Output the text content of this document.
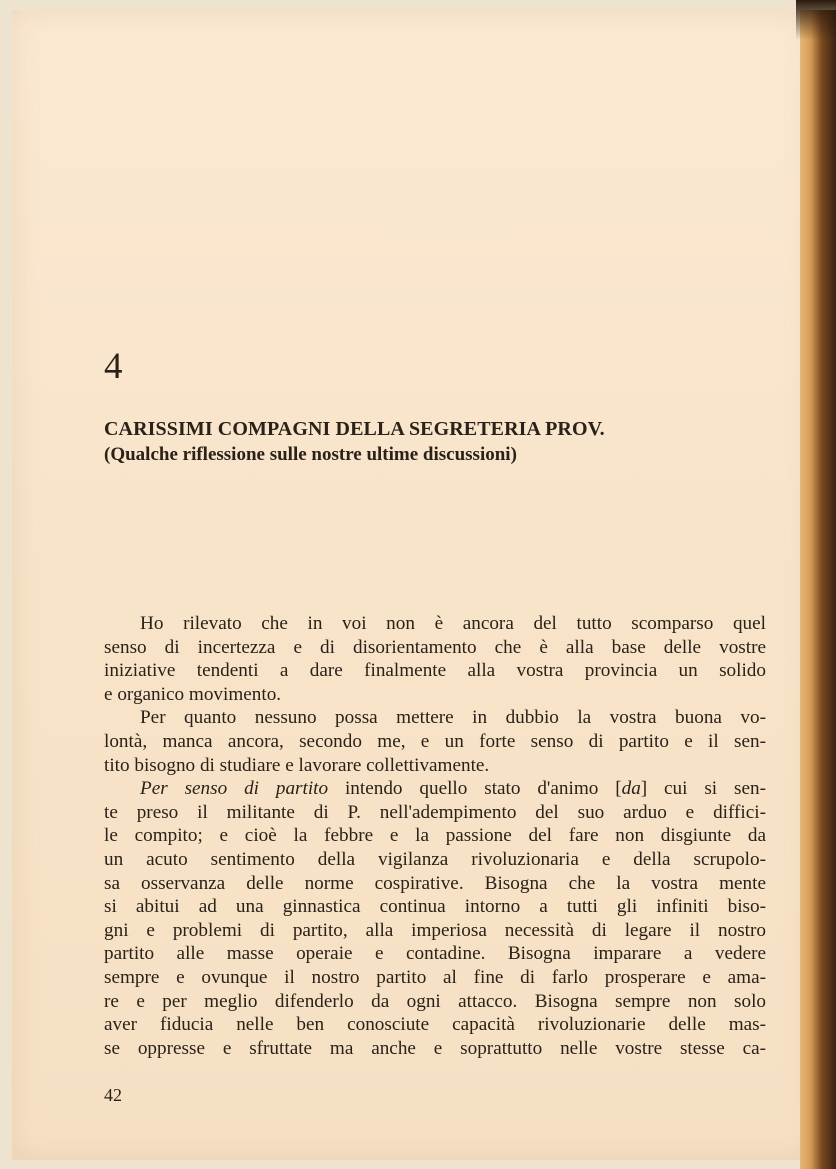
4
CARISSIMI COMPAGNI DELLA SEGRETERIA PROV.
(Qualche riflessione sulle nostre ultime discussioni)
Ho rilevato che in voi non è ancora del tutto scomparso quel
senso di incertezza e di disorientamento che è alla base delle vostre
iniziative tendenti a dare finalmente alla vostra provincia un solido
e organico movimento.
Per quanto nessuno possa mettere in dubbio la vostra buona vo-
lontà, manca ancora, secondo me, e un forte senso di partito e il sen-
tito bisogno di studiare e lavorare collettivamente.
Per senso di partito intendo quello stato d'animo [da] cui si sen-
te preso il militante di P. nell'adempimento del suo arduo e diffici-
le compito; e cioè la febbre e la passione del fare non disgiunte da
un acuto sentimento della vigilanza rivoluzionaria e della scrupolo-
sa osservanza delle norme cospirative. Bisogna che la vostra mente
si abitui ad una ginnastica continua intorno a tutti gli infiniti biso-
gni e problemi di partito, alla imperiosa necessità di legare il nostro
partito alle masse operaie e contadine. Bisogna imparare a vedere
sempre e ovunque il nostro partito al fine di farlo prosperare e ama-
re e per meglio difenderlo da ogni attacco. Bisogna sempre non solo
aver fiducia nelle ben conosciute capacità rivoluzionarie delle mas-
se oppresse e sfruttate ma anche e soprattutto nelle vostre stesse ca-
42
